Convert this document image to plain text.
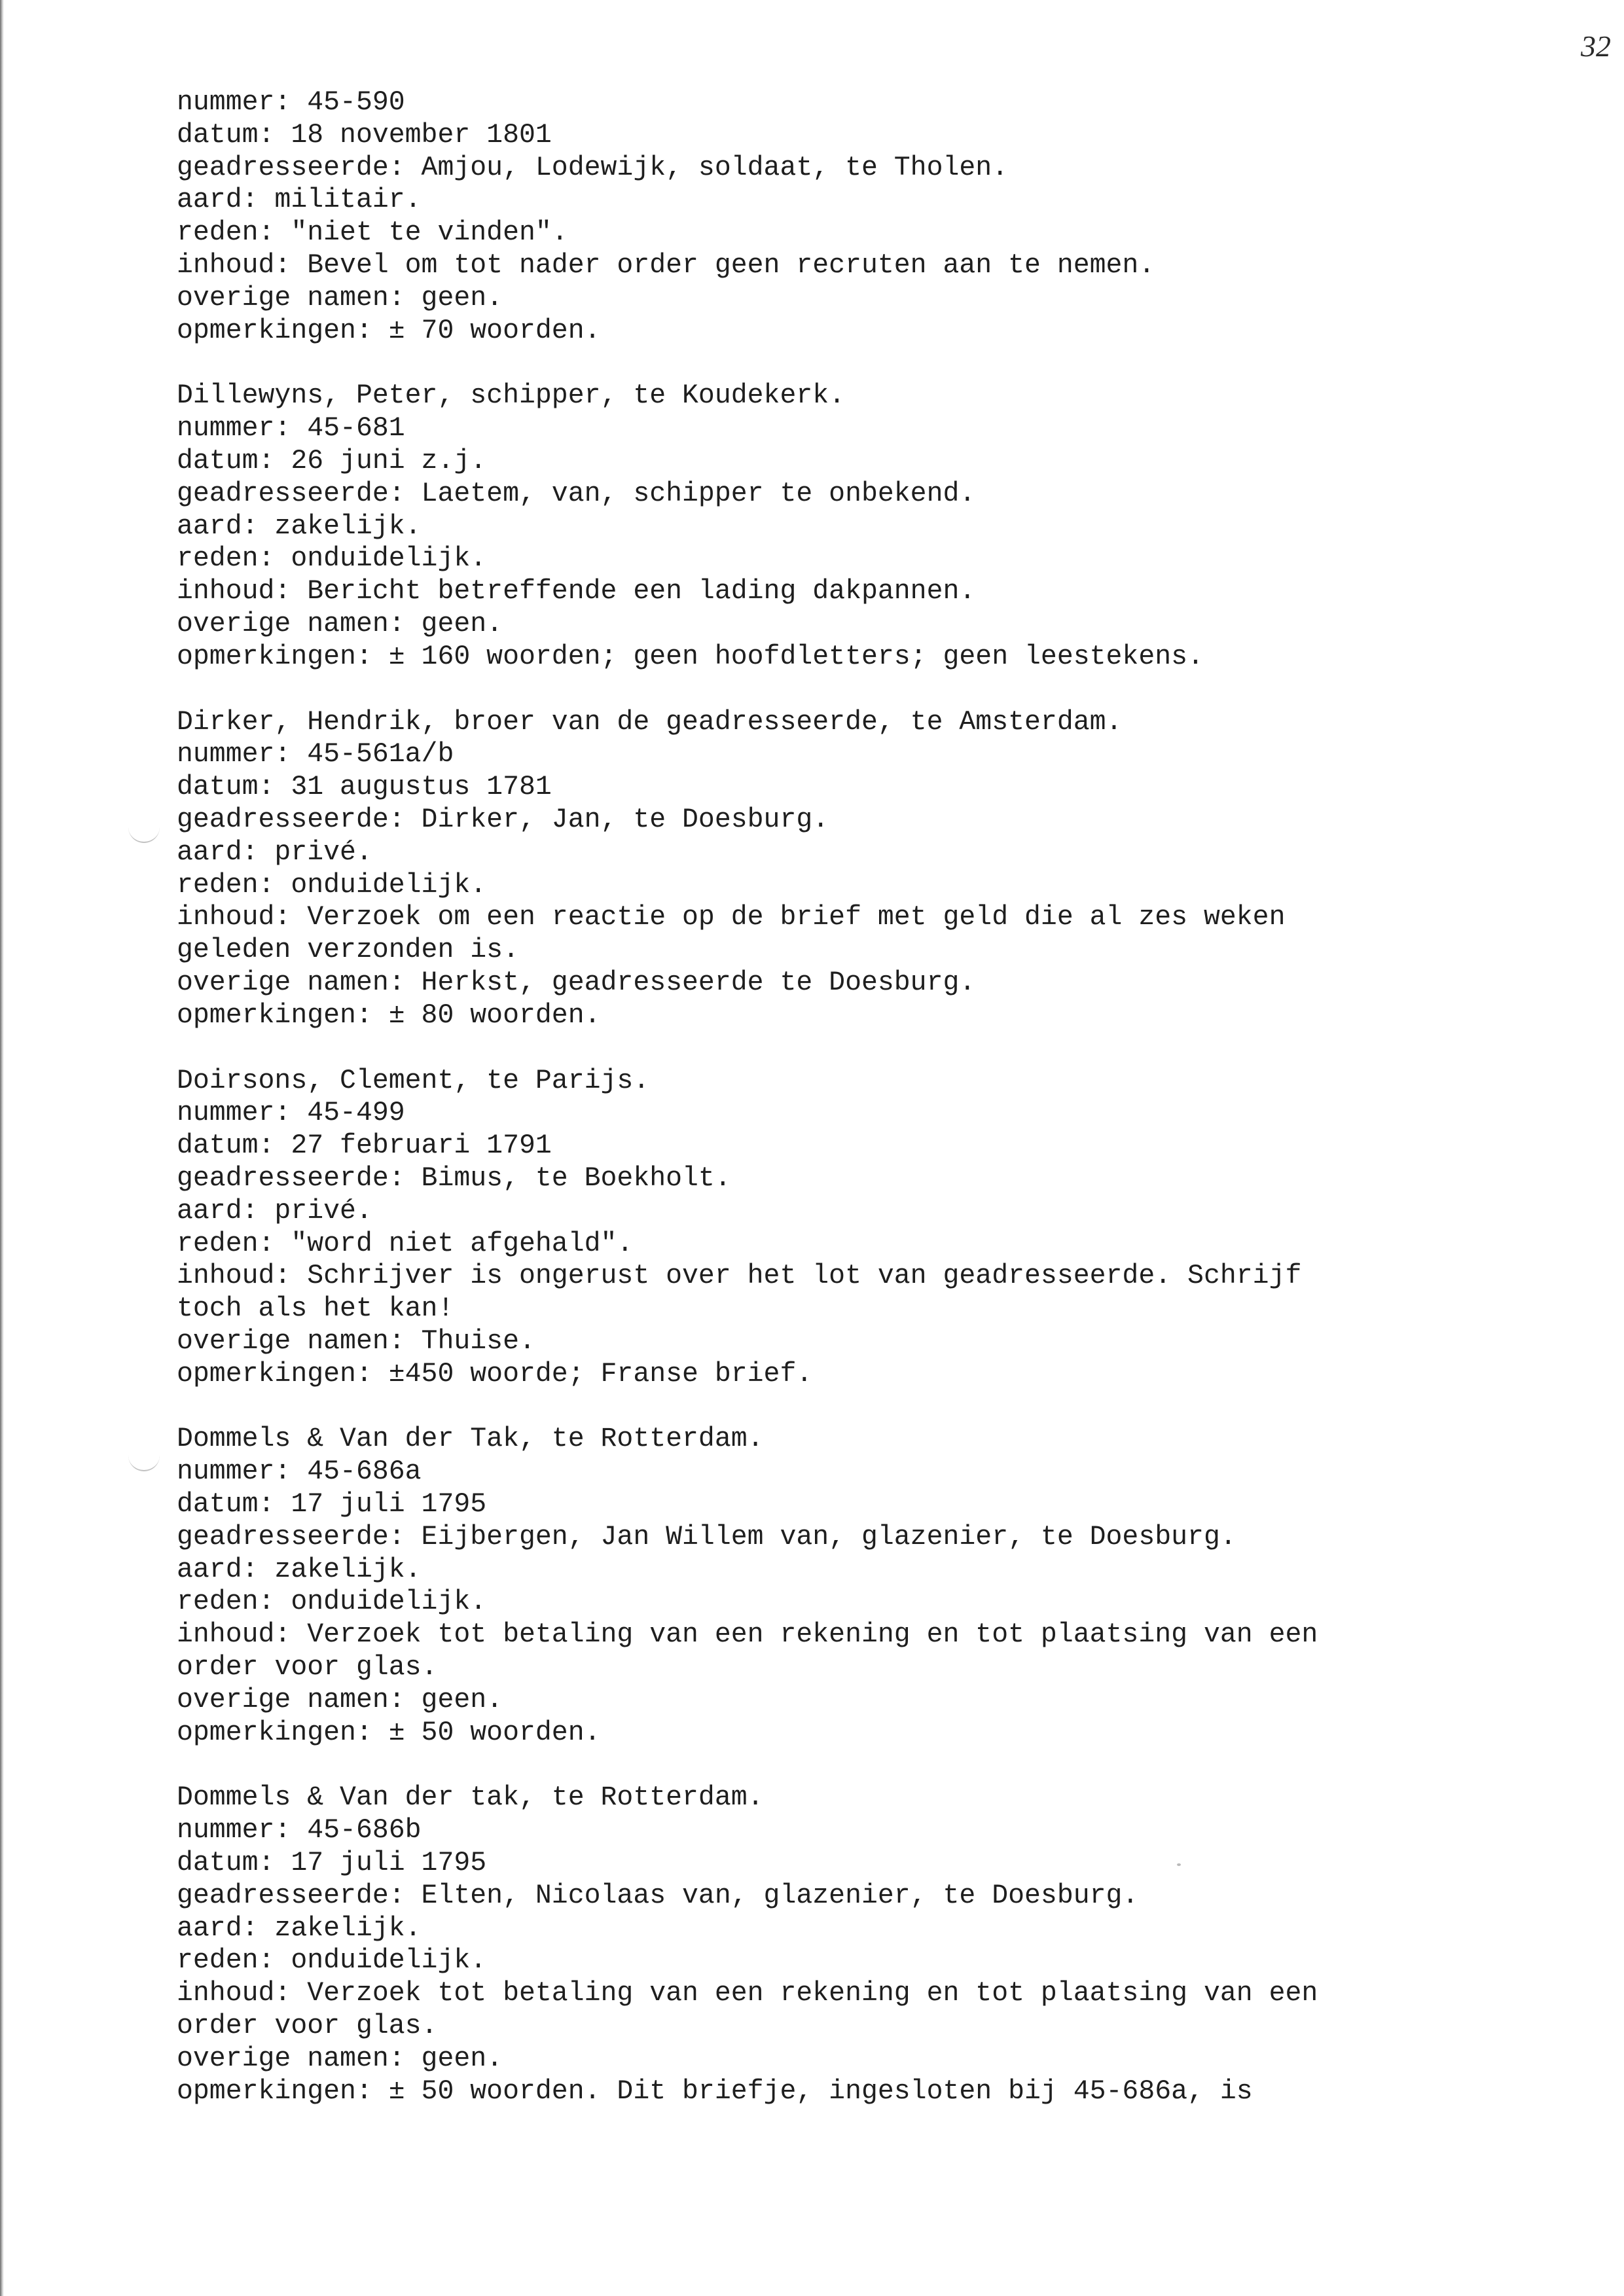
32
nummer: 45-590
datum: 18 november 1801
geadresseerde: Amjou, Lodewijk, soldaat, te Tholen.
aard: militair.
reden: "niet te vinden".
inhoud: Bevel om tot nader order geen recruten aan te nemen.
overige namen: geen.
opmerkingen: ± 70 woorden.
Dillewyns, Peter, schipper, te Koudekerk.
nummer: 45-681
datum: 26 juni z.j.
geadresseerde: Laetem, van, schipper te onbekend.
aard: zakelijk.
reden: onduidelijk.
inhoud: Bericht betreffende een lading dakpannen.
overige namen: geen.
opmerkingen: ± 160 woorden; geen hoofdletters; geen leestekens.
Dirker, Hendrik, broer van de geadresseerde, te Amsterdam.
nummer: 45-561a/b
datum: 31 augustus 1781
geadresseerde: Dirker, Jan, te Doesburg.
aard: privé.
reden: onduidelijk.
inhoud: Verzoek om een reactie op de brief met geld die al zes weken
geleden verzonden is.
overige namen: Herkst, geadresseerde te Doesburg.
opmerkingen: ± 80 woorden.
Doirsons, Clement, te Parijs.
nummer: 45-499
datum: 27 februari 1791
geadresseerde: Bimus, te Boekholt.
aard: privé.
reden: "word niet afgehald".
inhoud: Schrijver is ongerust over het lot van geadresseerde. Schrijf
toch als het kan!
overige namen: Thuise.
opmerkingen: ±450 woorde; Franse brief.
Dommels & Van der Tak, te Rotterdam.
nummer: 45-686a
datum: 17 juli 1795
geadresseerde: Eijbergen, Jan Willem van, glazenier, te Doesburg.
aard: zakelijk.
reden: onduidelijk.
inhoud: Verzoek tot betaling van een rekening en tot plaatsing van een
order voor glas.
overige namen: geen.
opmerkingen: ± 50 woorden.
Dommels & Van der tak, te Rotterdam.
nummer: 45-686b
datum: 17 juli 1795
geadresseerde: Elten, Nicolaas van, glazenier, te Doesburg.
aard: zakelijk.
reden: onduidelijk.
inhoud: Verzoek tot betaling van een rekening en tot plaatsing van een
order voor glas.
overige namen: geen.
opmerkingen: ± 50 woorden. Dit briefje, ingesloten bij 45-686a, is
